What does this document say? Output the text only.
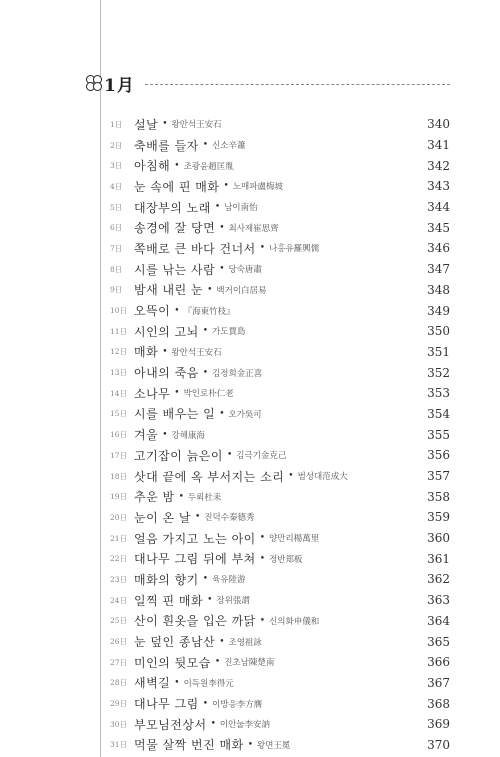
1月
1日 설날 • 왕안석王安石	340
2日 축배를 들자 • 신소辛蕭	341
3日 아침해 • 조광윤趙匡胤	342
4日 눈 속에 핀 매화 • 노매파盧梅坡	343
5日 대장부의 노래 • 남이南怡	344
6日 송경에 잘 당면 • 최사제崔思齊	345
7日 쪽배로 큰 바다 건너서 • 나홍유羅興儒	346
8日 시를 낚는 사람 • 당숙唐肅	347
9日 밤새 내린 눈 • 백거이白居易	348
10日 오뜩이 • 『海東竹枝』	349
11日 시인의 고뇌 • 가도賈島	350
12日 매화 • 왕안석王安石	351
13日 아내의 죽음 • 김정희金正喜	352
14日 소나무 • 박인로朴仁老	353
15日 시를 배우는 일 • 오가吳可	354
16日 겨울 • 강해康海	355
17日 고기잡이 늙은이 • 김극기金克己	356
18日 삿대 끝에 옥 부서지는 소리 • 범성대范成大	357
19日 추운 밤 • 두뢰杜耒	358
20日 눈이 온 날 • 진덕수秦德秀	359
21日 얼음 가지고 노는 아이 • 양만리楊萬里	360
22日 대나무 그림 뒤에 부쳐 • 정반郑板	361
23日 매화의 향기 • 육유陸游	362
24日 일찍 핀 매화 • 장위張謂	363
25日 산이 흰옷을 입은 까닭 • 신의화申儀和	364
26日 눈 덮인 종남산 • 조영祖詠	365
27日 미인의 뒷모습 • 진초남陳楚南	366
28日 새벽길 • 이득원李得元	367
29日 대나무 그림 • 이방응李方膺	368
30日 부모님전상서 • 이안눌李安訥	369
31日 먹물 살짝 번진 매화 • 왕면王冕	370
